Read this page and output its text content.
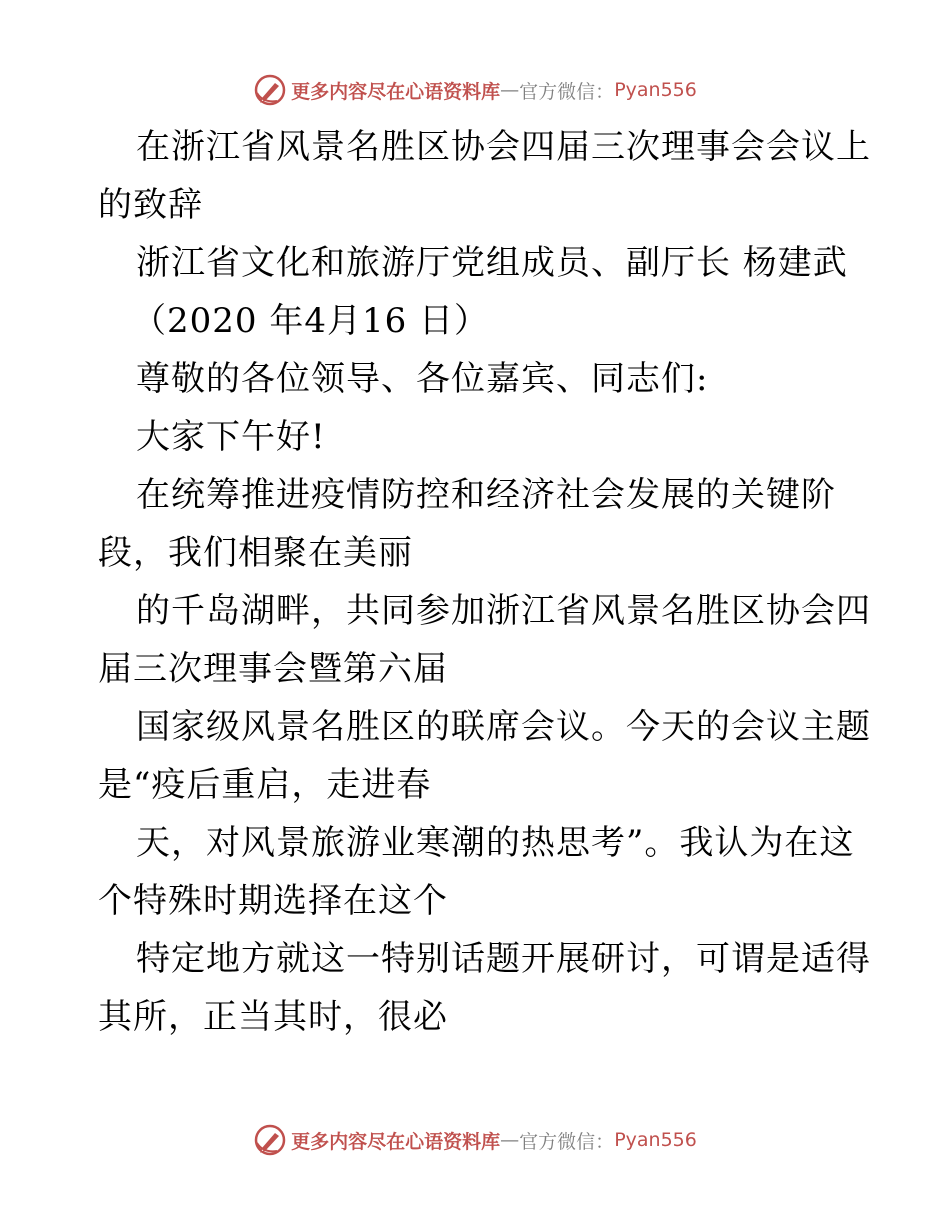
更多内容尽在心语资料库 — 官方微信： Pyan556
在浙江省风景名胜区协会四届三次理事会会议上
的致辞
浙江省文化和旅游厅党组成员、副厅长 杨建武
（2020 年4月16 日）
尊敬的各位领导、各位嘉宾、同志们:
大家下午好!
在统筹推进疫情防控和经济社会发展的关键阶
段，我们相聚在美丽
的千岛湖畔，共同参加浙江省风景名胜区协会四
届三次理事会暨第六届
国家级风景名胜区的联席会议。今天的会议主题
是“疫后重启，走进春
天，对风景旅游业寒潮的热思考”。我认为在这
个特殊时期选择在这个
特定地方就这一特别话题开展研讨，可谓是适得
其所，正当其时，很必
更多内容尽在心语资料库 — 官方微信： Pyan556
